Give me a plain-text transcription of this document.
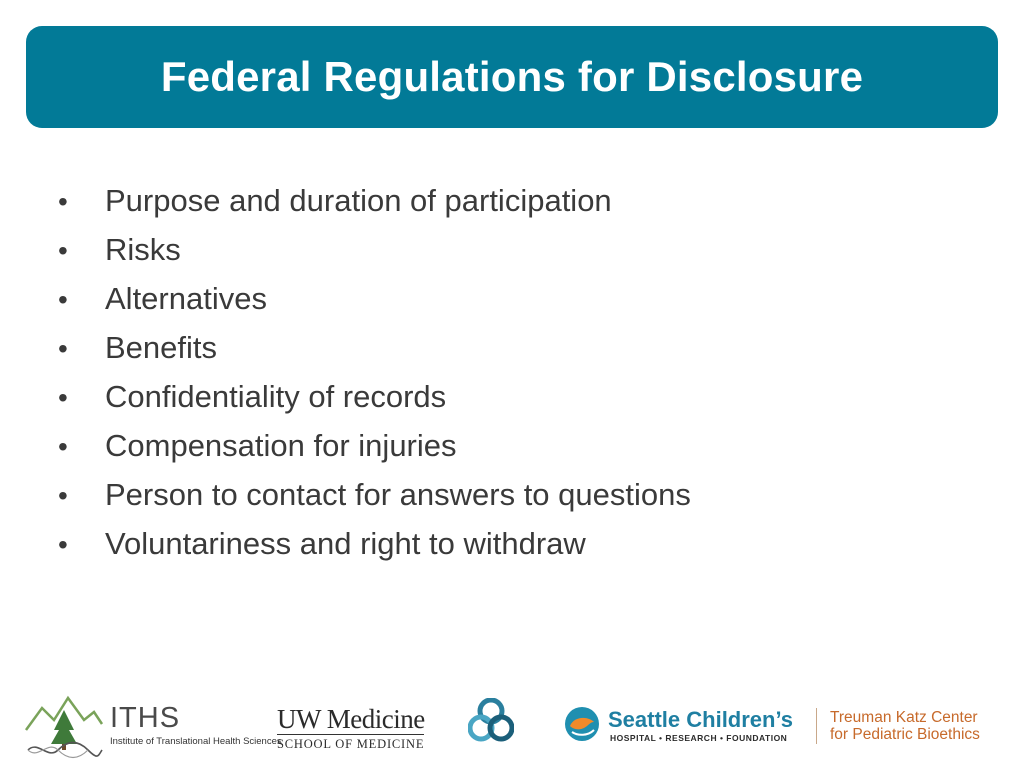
Federal Regulations for Disclosure
•	Purpose and duration of participation
•	Risks
•	Alternatives
•	Benefits
•	Confidentiality of records
•	Compensation for injuries
•	Person to contact for answers to questions
•	Voluntariness and right to withdraw
ITHS
Institute of Translational Health Sciences
UW Medicine
SCHOOL OF MEDICINE
Seattle Children’s
HOSPITAL • RESEARCH • FOUNDATION
Treuman Katz Center
for Pediatric Bioethics
